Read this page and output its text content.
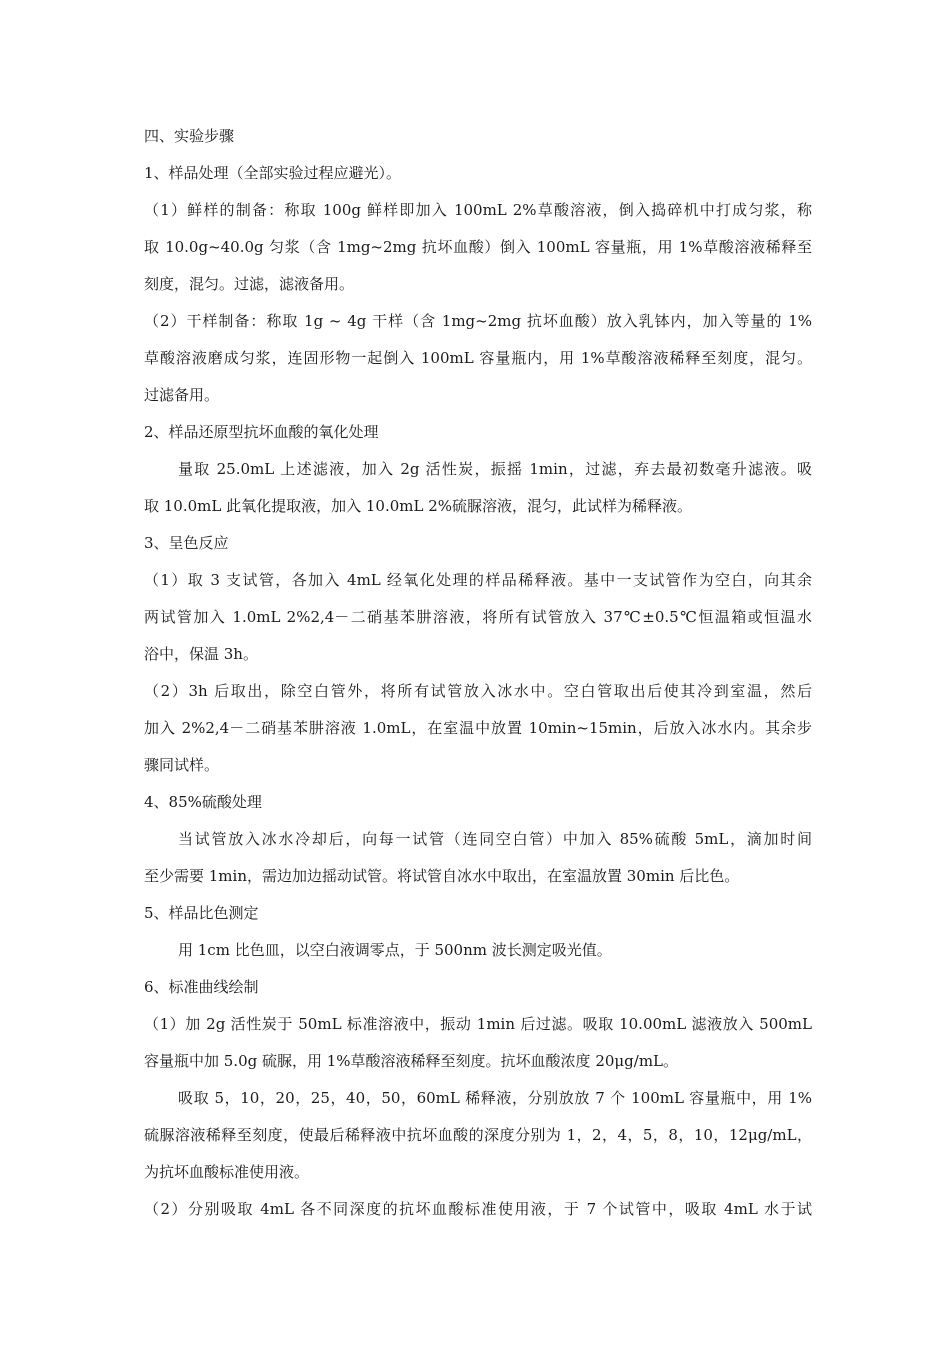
四、实验步骤
1、样品处理（全部实验过程应避光）。
（1）鲜样的制备：称取 100g 鲜样即加入 100mL 2%草酸溶液，倒入捣碎机中打成匀浆，称
取 10.0g~40.0g 匀浆（含 1mg~2mg 抗坏血酸）倒入 100mL 容量瓶，用 1%草酸溶液稀释至
刻度，混匀。过滤，滤液备用。
（2）干样制备：称取 1g ~ 4g 干样（含 1mg~2mg 抗坏血酸）放入乳钵内，加入等量的 1%
草酸溶液磨成匀浆，连固形物一起倒入 100mL 容量瓶内，用 1%草酸溶液稀释至刻度，混匀。
过滤备用。
2、样品还原型抗坏血酸的氧化处理
量取 25.0mL 上述滤液，加入 2g 活性炭，振摇 1min，过滤，弃去最初数毫升滤液。吸
取 10.0mL 此氧化提取液，加入 10.0mL 2%硫脲溶液，混匀，此试样为稀释液。
3、呈色反应
（1）取 3 支试管，各加入 4mL 经氧化处理的样品稀释液。基中一支试管作为空白，向其余
两试管加入 1.0mL 2%2,4－二硝基苯肼溶液，将所有试管放入 37℃±0.5℃恒温箱或恒温水
浴中，保温 3h。
（2）3h 后取出，除空白管外，将所有试管放入冰水中。空白管取出后使其冷到室温，然后
加入 2%2,4－二硝基苯肼溶液 1.0mL，在室温中放置 10min~15min，后放入冰水内。其余步
骤同试样。
4、85%硫酸处理
当试管放入冰水冷却后，向每一试管（连同空白管）中加入 85%硫酸 5mL，滴加时间
至少需要 1min，需边加边摇动试管。将试管自冰水中取出，在室温放置 30min 后比色。
5、样品比色测定
用 1cm 比色皿，以空白液调零点，于 500nm 波长测定吸光值。
6、标准曲线绘制
（1）加 2g 活性炭于 50mL 标准溶液中，振动 1min 后过滤。吸取 10.00mL 滤液放入 500mL
容量瓶中加 5.0g 硫脲，用 1%草酸溶液稀释至刻度。抗坏血酸浓度 20μg/mL。
吸取 5，10，20，25，40，50，60mL 稀释液，分别放放 7 个 100mL 容量瓶中，用 1%
硫脲溶液稀释至刻度，使最后稀释液中抗坏血酸的深度分别为 1，2，4，5，8，10，12μg/mL，
为抗坏血酸标准使用液。
（2）分别吸取 4mL 各不同深度的抗坏血酸标准使用液，于 7 个试管中，吸取 4mL 水于试
